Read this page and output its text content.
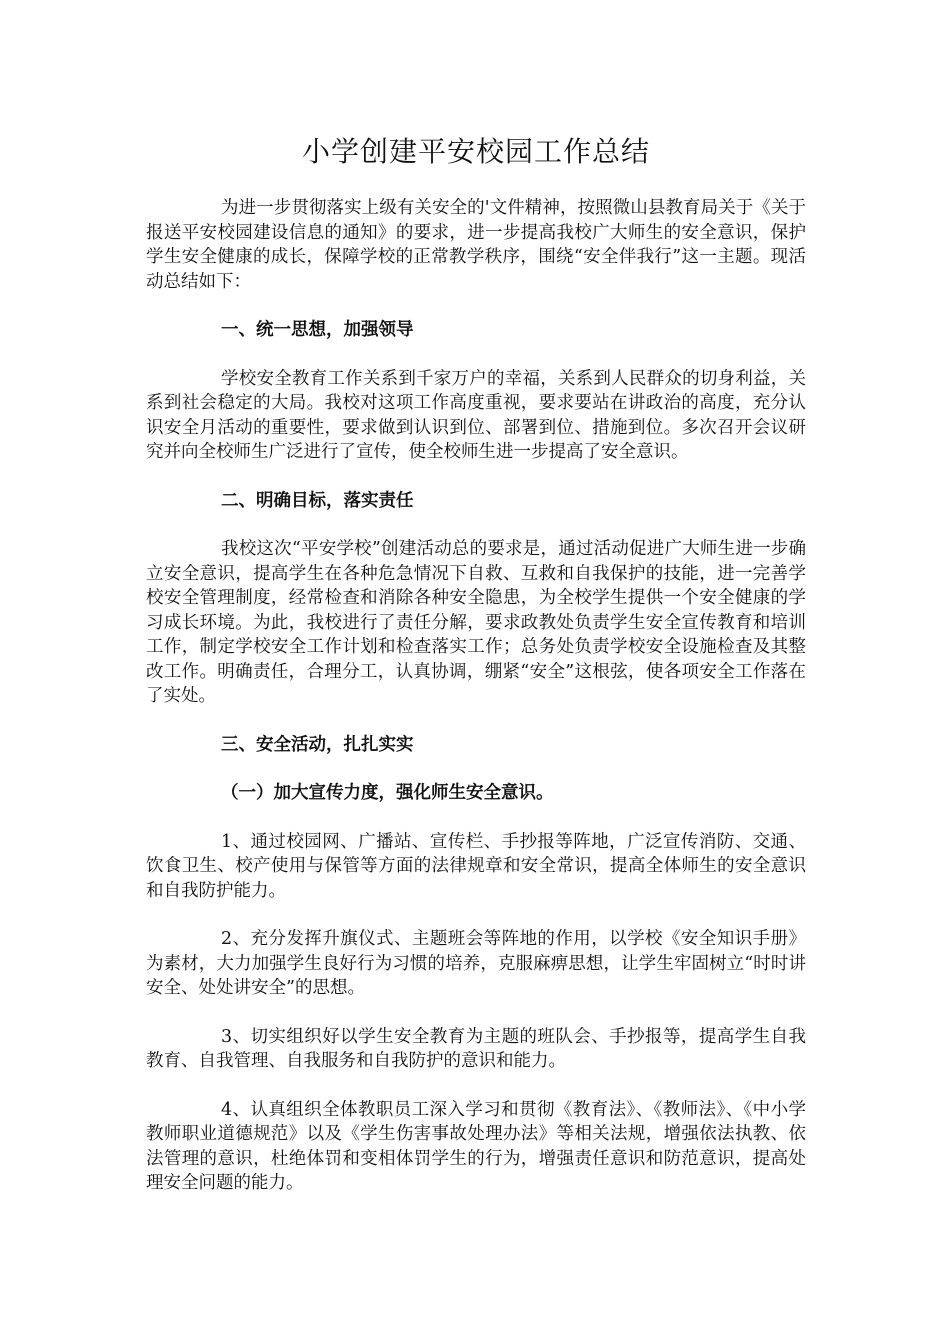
小学创建平安校园工作总结

为进一步贯彻落实上级有关安全的'文件精神，按照微山县教育局关于《关于报送平安校园建设信息的通知》的要求，进一步提高我校广大师生的安全意识，保护学生安全健康的成长，保障学校的正常教学秩序，围绕“安全伴我行”这一主题。现活动总结如下：

一、统一思想，加强领导

学校安全教育工作关系到千家万户的幸福，关系到人民群众的切身利益，关系到社会稳定的大局。我校对这项工作高度重视，要求要站在讲政治的高度，充分认识安全月活动的重要性，要求做到认识到位、部署到位、措施到位。多次召开会议研究并向全校师生广泛进行了宣传，使全校师生进一步提高了安全意识。

二、明确目标，落实责任

我校这次“平安学校”创建活动总的要求是，通过活动促进广大师生进一步确立安全意识，提高学生在各种危急情况下自救、互救和自我保护的技能，进一完善学校安全管理制度，经常检查和消除各种安全隐患，为全校学生提供一个安全健康的学习成长环境。为此，我校进行了责任分解，要求政教处负责学生安全宣传教育和培训工作，制定学校安全工作计划和检查落实工作；总务处负责学校安全设施检查及其整改工作。明确责任，合理分工，认真协调，绷紧“安全”这根弦，使各项安全工作落在了实处。

三、安全活动，扎扎实实

（一）加大宣传力度，强化师生安全意识。

1、通过校园网、广播站、宣传栏、手抄报等阵地，广泛宣传消防、交通、饮食卫生、校产使用与保管等方面的法律规章和安全常识，提高全体师生的安全意识和自我防护能力。

2、充分发挥升旗仪式、主题班会等阵地的作用，以学校《安全知识手册》为素材，大力加强学生良好行为习惯的培养，克服麻痹思想，让学生牢固树立“时时讲安全、处处讲安全”的思想。

3、切实组织好以学生安全教育为主题的班队会、手抄报等，提高学生自我教育、自我管理、自我服务和自我防护的意识和能力。

4、认真组织全体教职员工深入学习和贯彻《教育法》、《教师法》、《中小学教师职业道德规范》以及《学生伤害事故处理办法》等相关法规，增强依法执教、依法管理的意识，杜绝体罚和变相体罚学生的行为，增强责任意识和防范意识，提高处理安全问题的能力。
